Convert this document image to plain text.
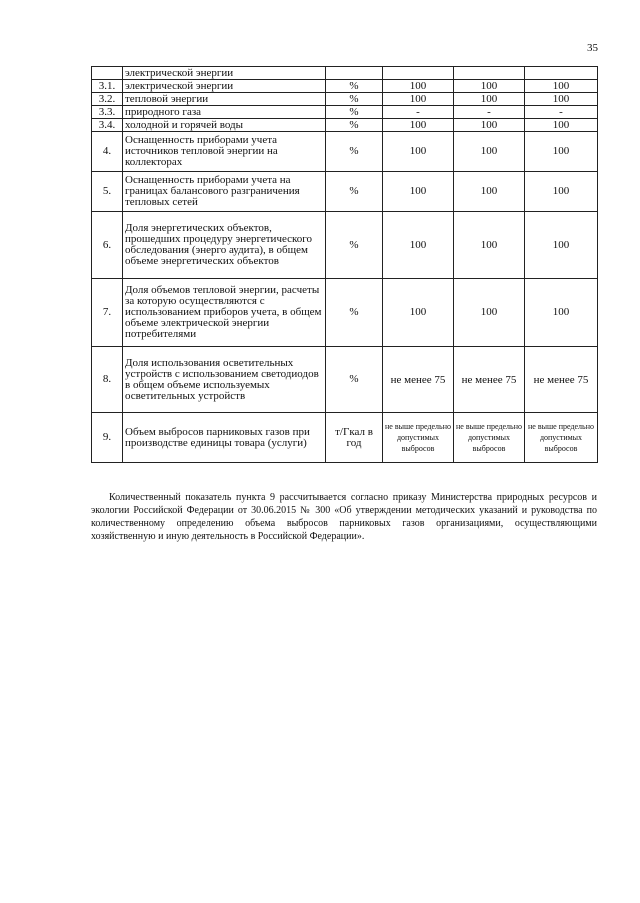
35
	электрической энергии				
3.1.	электрической энергии	%	100	100	100
3.2.	тепловой энергии	%	100	100	100
3.3.	природного газа	%	-	-	-
3.4.	холодной и горячей воды	%	100	100	100
4.	Оснащенность приборами учета источников тепловой энергии на коллекторах	%	100	100	100
5.	Оснащенность приборами учета на границах балансового разграничения тепловых сетей	%	100	100	100
6.	Доля энергетических объектов, прошедших процедуру энергетического обследования (энерго аудита), в общем объеме энергетических объектов	%	100	100	100
7.	Доля объемов тепловой энергии, расчеты за которую осуществляются с использованием приборов учета, в общем объеме электрической энергии потребителями	%	100	100	100
8.	Доля использования осветительных устройств с использованием светодиодов в общем объеме используемых осветительных устройств	%	не менее 75	не менее 75	не менее 75
9.	Объем выбросов парниковых газов при производстве единицы товара (услуги)	т/Гкал в год	не выше предельно допустимых выбросов	не выше предельно допустимых выбросов	не выше предельно допустимых выбросов
Количественный показатель пункта 9 рассчитывается согласно приказу Министерства природных ресурсов и экологии Российской Федерации от 30.06.2015 № 300 «Об утверждении методических указаний и руководства по количественному определению объема выбросов парниковых газов организациями, осуществляющими хозяйственную и иную деятельность в Российской Федерации».
